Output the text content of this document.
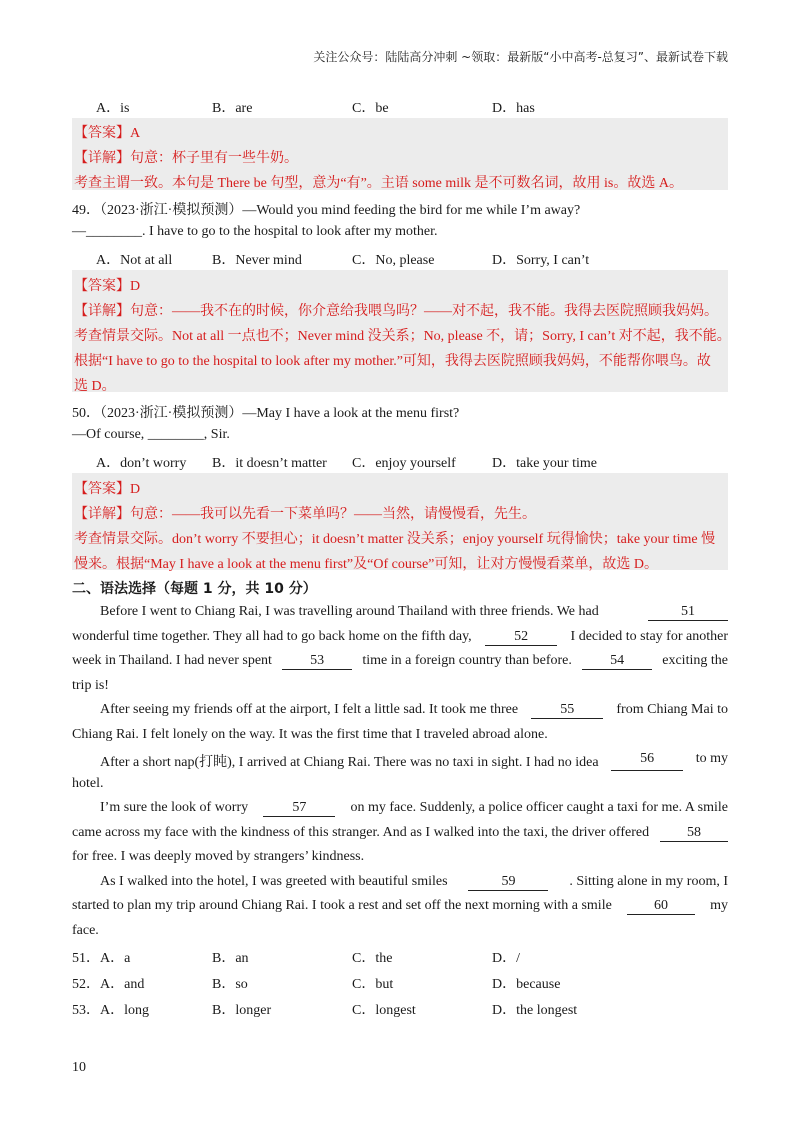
关注公众号：陆陆高分冲刺 ~领取：最新版“小中高考-总复习”、最新试卷下载
A．is	B．are	C．be	D．has
【答案】A
【详解】句意：杯子里有一些牛奶。
考查主谓一致。本句是 There be 句型，意为“有”。主语 some milk 是不可数名词，故用 is。故选 A。
49．（2023·浙江·模拟预测）—Would you mind feeding the bird for me while I’m away?
—________. I have to go to the hospital to look after my mother.
A．Not at all	B．Never mind	C．No, please	D．Sorry, I can’t
【答案】D
【详解】句意：——我不在的时候，你介意给我喂鸟吗？——对不起，我不能。我得去医院照顾我妈妈。
考查情景交际。Not at all 一点也不；Never mind 没关系；No, please 不，请；Sorry, I can’t 对不起，我不能。
根据“I have to go to the hospital to look after my mother.”可知，我得去医院照顾我妈妈，不能帮你喂鸟。故
选 D。
50．（2023·浙江·模拟预测）—May I have a look at the menu first?
—Of course, ________, Sir.
A．don’t worry B．it doesn’t matter C．enjoy yourself	D．take your time
【答案】D
【详解】句意：——我可以先看一下菜单吗？——当然，请慢慢看，先生。
考查情景交际。don’t worry 不要担心；it doesn’t matter 没关系；enjoy yourself 玩得愉快；take your time 慢
慢来。根据“May I have a look at the menu first”及“Of course”可知，让对方慢慢看菜单，故选 D。
二、语法选择（每题 1 分，共 10 分）
Before I went to Chiang Rai, I was travelling around Thailand with three friends. We had	51
wonderful time together. They all had to go back home on the fifth day,	52	I decided to stay for another
week in Thailand. I had never spent	53	time in a foreign country than before.	54	exciting the
trip is!
After seeing my friends off at the airport, I felt a little sad. It took me three	55	from Chiang Mai to
Chiang Rai. I felt lonely on the way. It was the first time that I traveled abroad alone.
After a short nap(打盹), I arrived at Chiang Rai. There was no taxi in sight. I had no idea	56	to my
hotel.
I’m sure the look of worry	57	on my face. Suddenly, a police officer caught a taxi for me. A smile
came across my face with the kindness of this stranger. And as I walked into the taxi, the driver offered	58
for free. I was deeply moved by strangers’ kindness.
As I walked into the hotel, I was greeted with beautiful smiles	59	. Sitting alone in my room, I
started to plan my trip around Chiang Rai. I took a rest and set off the next morning with a smile	60	my
face.
51．A．a	B．an	C．the	D．/
52．A．and	B．so	C．but	D．because
53．A．long	B．longer	C．longest	D．the longest
10
